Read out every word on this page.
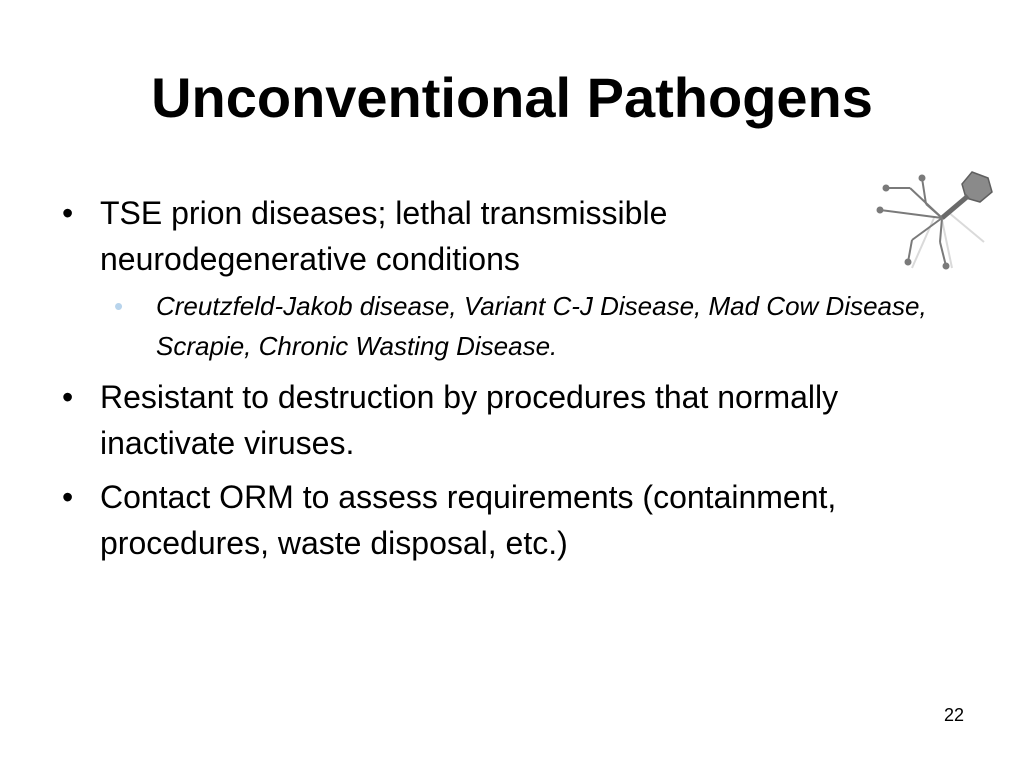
Unconventional Pathogens
• TSE prion diseases; lethal transmissible neurodegenerative conditions
• Creutzfeld-Jakob disease, Variant C-J Disease, Mad Cow Disease, Scrapie, Chronic Wasting Disease.
• Resistant to destruction by procedures that normally inactivate viruses.
• Contact ORM to assess requirements (containment, procedures, waste disposal, etc.)
22
